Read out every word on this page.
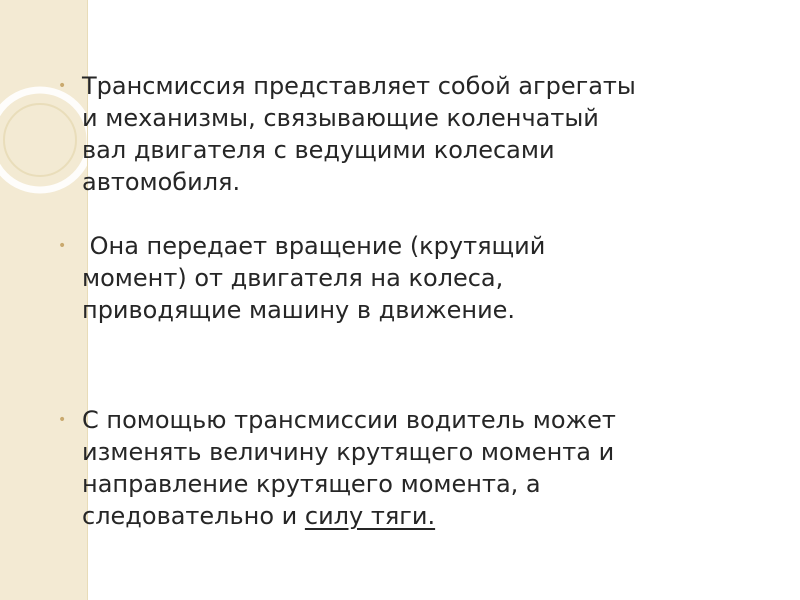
• Трансмиссия представляет собой агрегаты
и механизмы, связывающие коленчатый
вал двигателя с ведущими колесами
автомобиля.
• Она передает вращение (крутящий
момент) от двигателя на колеса,
приводящие машину в движение.
• С помощью трансмиссии водитель может
изменять величину крутящего момента и
направление крутящего момента, а
следовательно и силу тяги.
